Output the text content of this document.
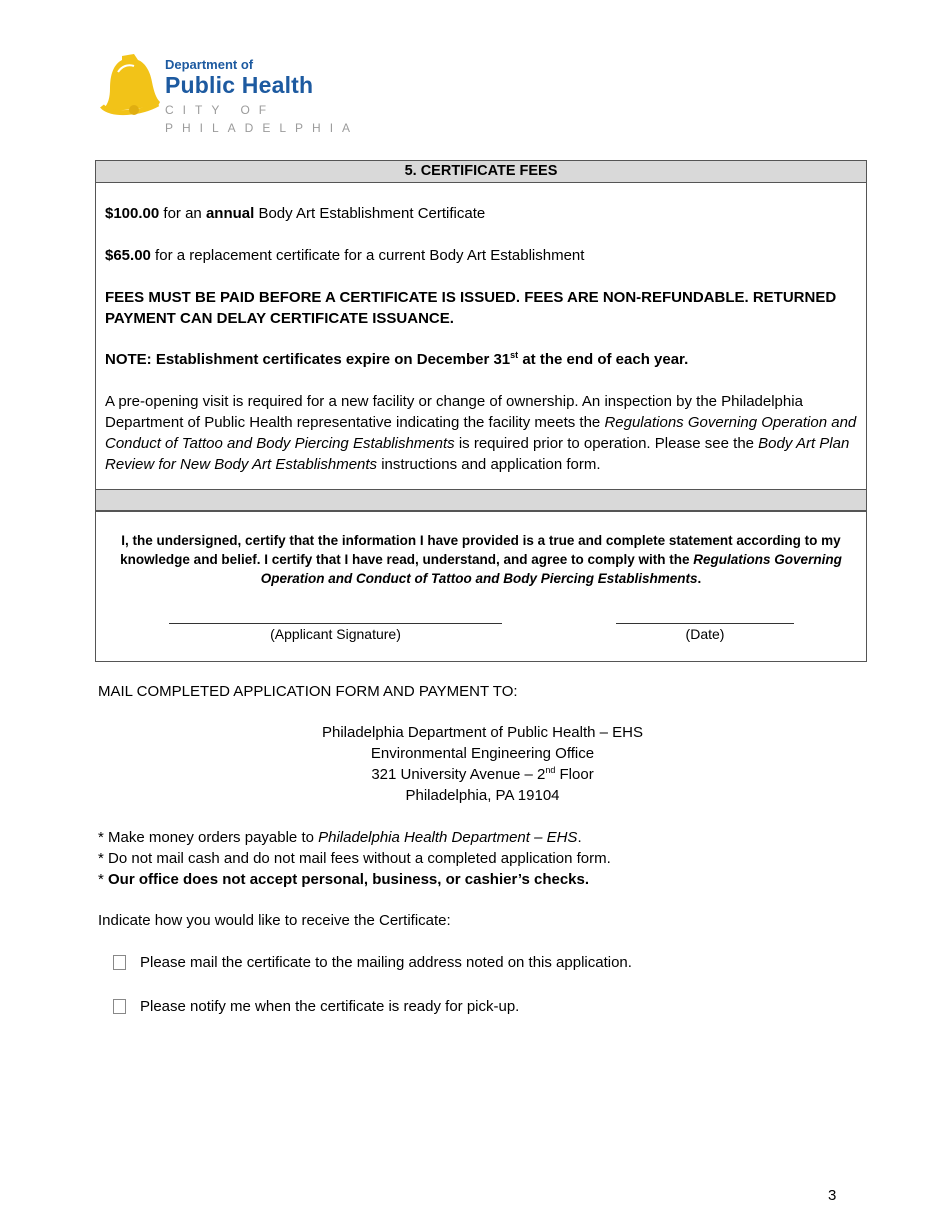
Department of
Public Health
CITY OF PHILADELPHIA
5. CERTIFICATE FEES
$100.00 for an annual Body Art Establishment Certificate
$65.00 for a replacement certificate for a current Body Art Establishment
FEES MUST BE PAID BEFORE A CERTIFICATE IS ISSUED. FEES ARE NON-REFUNDABLE. RETURNED PAYMENT CAN DELAY CERTIFICATE ISSUANCE.
NOTE: Establishment certificates expire on December 31st at the end of each year.
A pre-opening visit is required for a new facility or change of ownership. An inspection by the Philadelphia Department of Public Health representative indicating the facility meets the Regulations Governing Operation and Conduct of Tattoo and Body Piercing Establishments is required prior to operation. Please see the Body Art Plan Review for New Body Art Establishments instructions and application form.
I, the undersigned, certify that the information I have provided is a true and complete statement according to my knowledge and belief. I certify that I have read, understand, and agree to comply with the Regulations Governing Operation and Conduct of Tattoo and Body Piercing Establishments.
(Applicant Signature)	(Date)
MAIL COMPLETED APPLICATION FORM AND PAYMENT TO:
Philadelphia Department of Public Health – EHS
Environmental Engineering Office
321 University Avenue – 2nd Floor
Philadelphia, PA 19104
* Make money orders payable to Philadelphia Health Department – EHS.
* Do not mail cash and do not mail fees without a completed application form.
* Our office does not accept personal, business, or cashier’s checks.
Indicate how you would like to receive the Certificate:
Please mail the certificate to the mailing address noted on this application.
Please notify me when the certificate is ready for pick-up.
3
